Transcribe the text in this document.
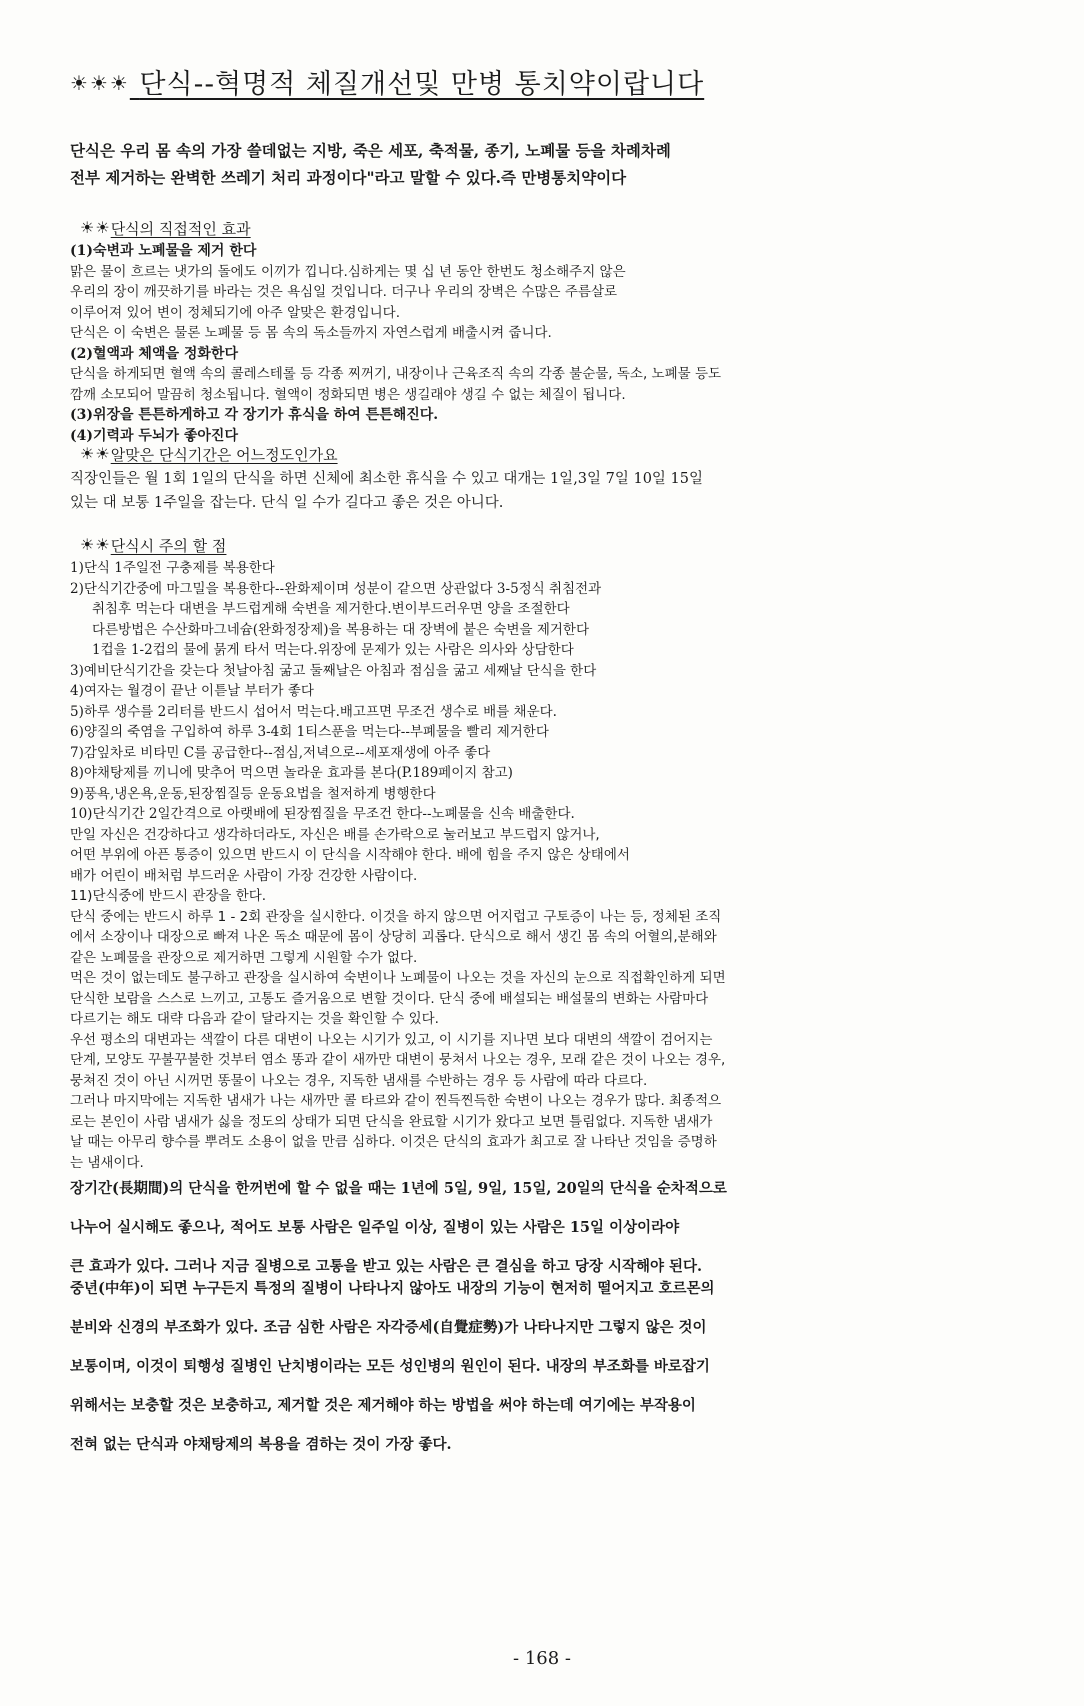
☀☀☀ 단식--혁명적 체질개선및 만병 통치약이랍니다

단식은 우리 몸 속의 가장 쓸데없는 지방, 죽은 세포, 축적물, 종기, 노폐물 등을 차례차례

전부 제거하는 완벽한 쓰레기 처리 과정이다"라고 말할 수 있다.즉 만병통치약이다

☀☀단식의 직접적인 효과

(1)숙변과 노폐물을 제거 한다

맑은 물이 흐르는 냇가의 돌에도 이끼가 낍니다.심하게는 몇 십 년 동안 한번도 청소해주지 않은

우리의 장이 깨끗하기를 바라는 것은 욕심일 것입니다. 더구나 우리의 장벽은 수많은 주름살로

이루어져 있어 변이 정체되기에 아주 알맞은 환경입니다.

단식은 이 숙변은 물론 노폐물 등 몸 속의 독소들까지 자연스럽게 배출시켜 줍니다.

(2)혈액과 체액을 정화한다

단식을 하게되면 혈액 속의 콜레스테롤 등 각종 찌꺼기, 내장이나 근육조직 속의 각종 불순물, 독소, 노폐물 등도

깜깨 소모되어 말끔히 청소됩니다. 혈액이 정화되면 병은 생길래야 생길 수 없는 체질이 됩니다.

(3)위장을 튼튼하게하고 각 장기가 휴식을 하여 튼튼해진다.

(4)기력과 두뇌가 좋아진다

☀☀알맞은 단식기간은 어느정도인가요

직장인들은 월 1회 1일의 단식을 하면 신체에 최소한 휴식을 수 있고 대개는 1일,3일 7일 10일 15일

있는 대 보통 1주일을 잡는다. 단식 일 수가 길다고 좋은 것은 아니다.

☀☀단식시 주의 할 점

1)단식 1주일전 구충제를 복용한다

2)단식기간중에 마그밀을 복용한다--완화제이며 성분이 같으면 상관없다 3-5정식 취침전과

취침후 먹는다 대변을 부드럽게해 숙변을 제거한다.변이부드러우면 양을 조절한다

다른방법은 수산화마그네슘(완화정장제)을 복용하는 대 장벽에 붙은 숙변을 제거한다

1컵을 1-2컵의 물에 묽게 타서 먹는다.위장에 문제가 있는 사람은 의사와 상담한다

3)예비단식기간을 갖는다 첫날아침 굶고 둘째날은 아침과 점심을 굶고 세째날 단식을 한다

4)여자는 월경이 끝난 이튿날 부터가 좋다

5)하루 생수를 2리터를 반드시 섭어서 먹는다.배고프면 무조건 생수로 배를 채운다.

6)양질의 죽염을 구입하여 하루 3-4회 1티스푼을 먹는다--부폐물을 빨리 제거한다

7)감잎차로 비타민 C를 공급한다--점심,저녁으로--세포재생에 아주 좋다

8)야채탕제를 끼니에 맞추어 먹으면 놀라운 효과를 본다(P.189페이지 참고)

9)풍욕,냉온욕,운동,된장찜질등 운동요법을 철저하게 병행한다

10)단식기간 2일간격으로 아랫배에 된장찜질을 무조건 한다--노폐물을 신속 배출한다.

만일 자신은 건강하다고 생각하더라도, 자신은 배를 손가락으로 눌러보고 부드럽지 않거나,

어떤 부위에 아픈 통증이 있으면 반드시 이 단식을 시작해야 한다. 배에 힘을 주지 않은 상태에서

배가 어린이 배처럼 부드러운 사람이 가장 건강한 사람이다.

11)단식중에 반드시 관장을 한다.

단식 중에는 반드시 하루 1 - 2회 관장을 실시한다. 이것을 하지 않으면 어지럽고 구토증이 나는 등, 정체된 조직

에서 소장이나 대장으로 빠져 나온 독소 때문에 몸이 상당히 괴롭다. 단식으로 해서 생긴 몸 속의 어혈의,분해와

같은 노폐물을 관장으로 제거하면 그렇게 시원할 수가 없다.

먹은 것이 없는데도 불구하고 관장을 실시하여 숙변이나 노폐물이 나오는 것을 자신의 눈으로 직접확인하게 되면

단식한 보람을 스스로 느끼고, 고통도 즐거움으로 변할 것이다. 단식 중에 배설되는 배설물의 변화는 사람마다

다르기는 해도 대략 다음과 같이 달라지는 것을 확인할 수 있다.

우선 평소의 대변과는 색깔이 다른 대변이 나오는 시기가 있고, 이 시기를 지나면 보다 대변의 색깔이 검어지는

단계, 모양도 꾸불꾸불한 것부터 염소 똥과 같이 새까만 대변이 뭉쳐서 나오는 경우, 모래 같은 것이 나오는 경우,

뭉쳐진 것이 아닌 시꺼먼 똥물이 나오는 경우, 지독한 냄새를 수반하는 경우 등 사람에 따라 다르다.

그러나 마지막에는 지독한 냄새가 나는 새까만 콜 타르와 같이 찐득찐득한 숙변이 나오는 경우가 많다. 최종적으

로는 본인이 사람 냄새가 싫을 정도의 상태가 되면 단식을 완료할 시기가 왔다고 보면 틀림없다. 지독한 냄새가

날 때는 아무리 향수를 뿌려도 소용이 없을 만큼 심하다. 이것은 단식의 효과가 최고로 잘 나타난 것임을 증명하

는 냄새이다.

장기간(長期間)의 단식을 한꺼번에 할 수 없을 때는 1년에 5일, 9일, 15일, 20일의 단식을 순차적으로

나누어 실시해도 좋으나, 적어도 보통 사람은 일주일 이상, 질병이 있는 사람은 15일 이상이라야

큰 효과가 있다. 그러나 지금 질병으로 고통을 받고 있는 사람은 큰 결심을 하고 당장 시작해야 된다.

중년(中年)이 되면 누구든지 특정의 질병이 나타나지 않아도 내장의 기능이 현저히 떨어지고 호르몬의

분비와 신경의 부조화가 있다. 조금 심한 사람은 자각증세(自覺症勢)가 나타나지만 그렇지 않은 것이

보통이며, 이것이 퇴행성 질병인 난치병이라는 모든 성인병의 원인이 된다. 내장의 부조화를 바로잡기

위해서는 보충할 것은 보충하고, 제거할 것은 제거해야 하는 방법을 써야 하는데 여기에는 부작용이

전혀 없는 단식과 야채탕제의 복용을 겸하는 것이 가장 좋다.

- 168 -
